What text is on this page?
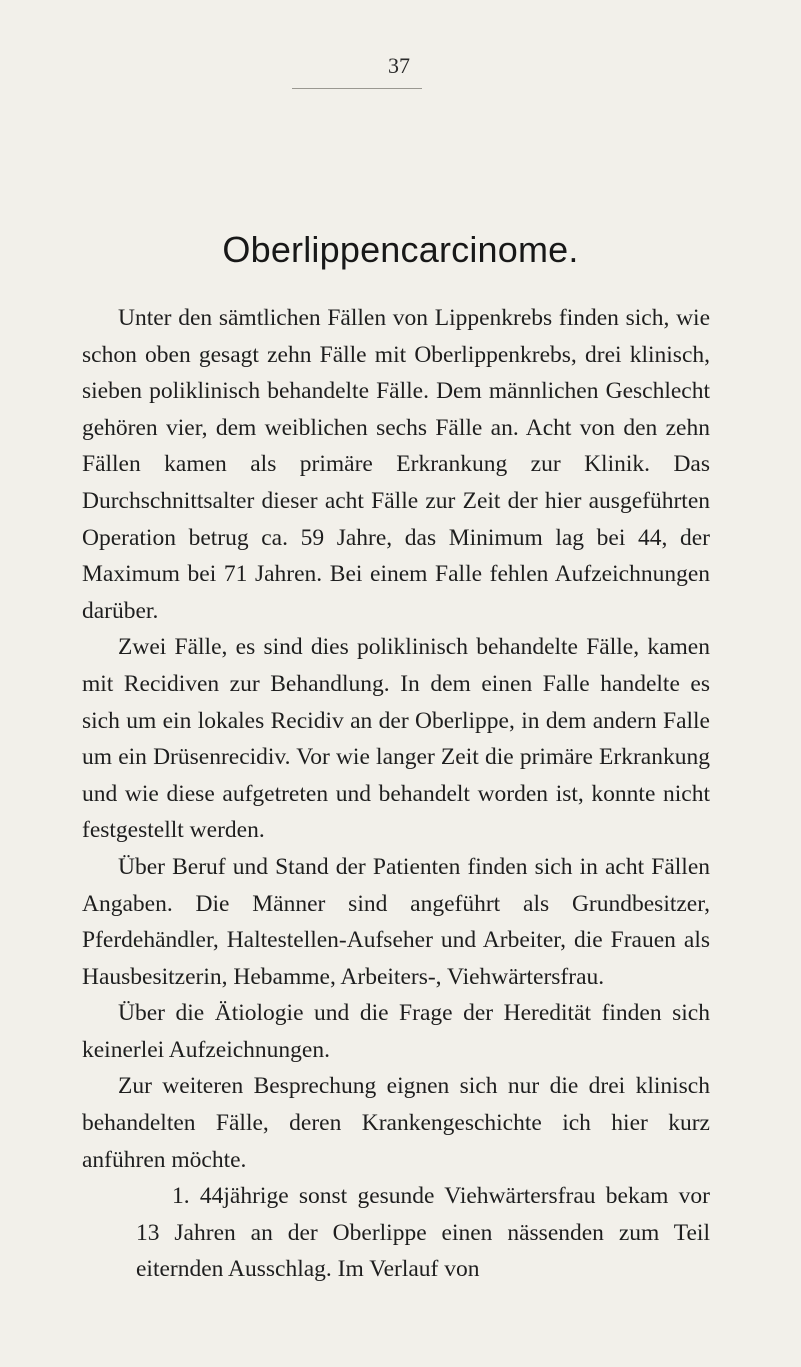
37
Oberlippencarcinome.

Unter den sämtlichen Fällen von Lippenkrebs finden sich, wie schon oben gesagt zehn Fälle mit Oberlippenkrebs, drei klinisch, sieben poliklinisch behandelte Fälle. Dem männlichen Geschlecht gehören vier, dem weiblichen sechs Fälle an. Acht von den zehn Fällen kamen als primäre Erkrankung zur Klinik. Das Durchschnittsalter dieser acht Fälle zur Zeit der hier ausgeführten Operation betrug ca. 59 Jahre, das Minimum lag bei 44, der Maximum bei 71 Jahren. Bei einem Falle fehlen Aufzeichnungen darüber.

Zwei Fälle, es sind dies poliklinisch behandelte Fälle, kamen mit Recidiven zur Behandlung. In dem einen Falle handelte es sich um ein lokales Recidiv an der Oberlippe, in dem andern Falle um ein Drüsenrecidiv. Vor wie langer Zeit die primäre Erkrankung und wie diese aufgetreten und behandelt worden ist, konnte nicht festgestellt werden.

Über Beruf und Stand der Patienten finden sich in acht Fällen Angaben. Die Männer sind angeführt als Grundbesitzer, Pferdehändler, Haltestellen-Aufseher und Arbeiter, die Frauen als Hausbesitzerin, Hebamme, Arbeiters-, Viehwärtersfrau.

Über die Ätiologie und die Frage der Heredität finden sich keinerlei Aufzeichnungen.

Zur weiteren Besprechung eignen sich nur die drei klinisch behandelten Fälle, deren Krankengeschichte ich hier kurz anführen möchte.

1. 44jährige sonst gesunde Viehwärtersfrau bekam vor 13 Jahren an der Oberlippe einen nässenden zum Teil eiternden Ausschlag. Im Verlauf von
